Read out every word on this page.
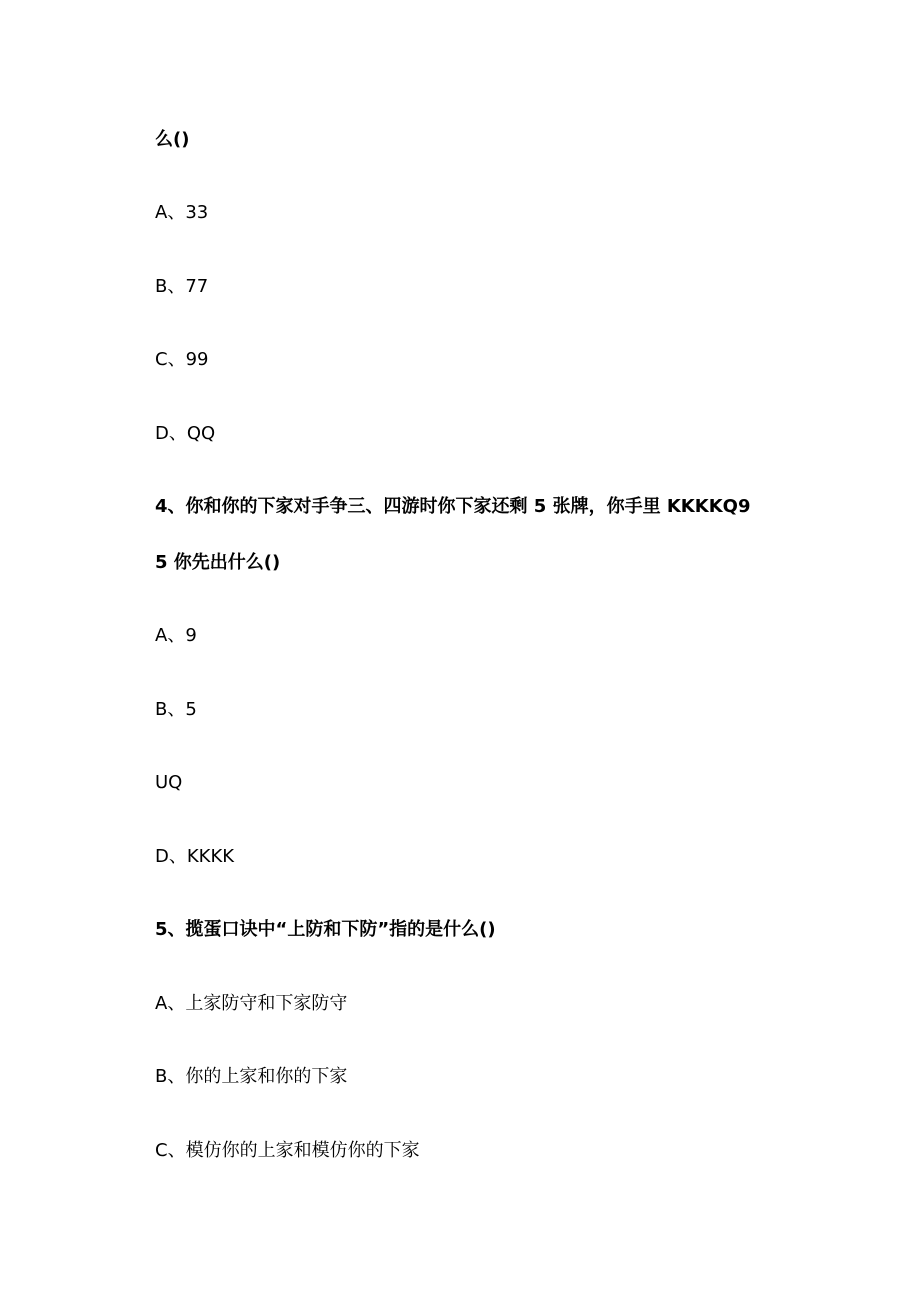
么()
A、33
B、77
C、99
D、QQ
4、你和你的下家对手争三、四游时你下家还剩 5 张牌，你手里 KKKKQ9
5 你先出什么()
A、9
B、5
UQ
D、KKKK
5、揽蛋口诀中“上防和下防”指的是什么()
A、上家防守和下家防守
B、你的上家和你的下家
C、模仿你的上家和模仿你的下家
